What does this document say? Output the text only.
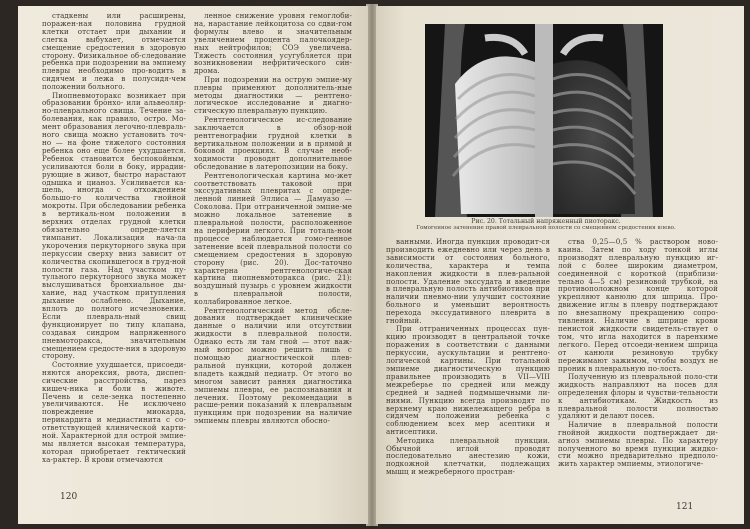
стадкены или расширены, поражен-ная половина грудной клетки отстает при дыхании и слегка выбухает, отмечается смещение средостения в здоровую сторону. Физикальное об-следование ребенка при подозрении на эмпиему плевры необходимо про-водить в сидячем и лежа в полусидя-чем положении больного.

Пиопневмоторакс возникает при образовании бронхо- или альвеоляр-но-плеврального свища. Течение за-болевания, как правило, остро. Мо-мент образования легочно-плевраль-ного свища можно установить точ-но — на фоне тяжелого состояния ребенка оно еще более ухудшается. Ребенок становится беспокойным, усиливаются боли в боку, иррадии-рующие в живот, быстро нарастают одышка и цианоз. Усиливается ка-шель, иногда с отхождением большо-го количества гнойной мокроты. При обследовании ребенка в вертикаль-ном положении в верхних отделах грудной клетки обязательно опреде-ляется тимпанит. Локализация нача-ла укорочения перкуторного звука при перкуссии сверху вниз зависит от количества скопившегося в груд-ной полости газа. Над участком пу-тульного перкуторного звука может выслушиваться бронхиальное ды-хание, над участком притупления дыхание ослаблено. Дыхание, вплоть до полного исчезновения. Если плевраль-ный свищ функционирует по типу клапана, создавая синдром напряженного пневмоторакса, значительным смещением средосте-ния в здоровую сторону.

Состояние ухудшается, присоеди-няются анорексия, рвота, диспеп-сические расстройства, парез кишеч-ника и боли в животе. Печень и селе-зенка постепенно увеличиваются. Не исключено повреждение миокарда, перикардита и медиастинита с со-ответствующей клинической карти-ной. Характерной для острой эмпие-мы является высокая температура, которая приобретает гектический ха-рактер. В крови отмечаются

ленное снижение уровня гемоглоби-на, нарастание лейкоцитоза со сдви-гом формулы влево и значительным увеличением процента палочкоядер-ных нейтрофилов; СОЭ увеличена. Тяжесть состояния усугубляется при возникновении нефритического син-дрома.

При подозрении на острую эмпие-му плевры применяют дополнитель-ные методы диагностики — рентгено-логическое исследование и диагно-стическую плевральную пункцию.

Рентгенологическое ис-следование заключается в обзор-ной рентгенографии грудной клетки в вертикальном положении и в прямой и боковой проекциях. В случае необ-ходимости проводят дополнительное обследование в латеропозиции на боку.

Рентгенологическая картина мо-жет соответствовать таковой при экссудативных плевритах с опреде-ленной линией Эллиса — Дамуазо — Соколова. При отграниченной эмпие-ме можно локальное затенение в плевральной полости, расположенное на периферии легкого. При тоталь-ном процессе наблюдается гомо-генное затенение всей плевральной полости со смещением средостения в здоровую сторону (рис. 20). Дос-таточно характерна рентгенологиче-ская картина пиопневмоторакса (рис. 21): воздушный пузырь с уровнем жидкости в плевральной полости, коллабированное легкое.

Рентгенологический метод обсле-дования подтверждает клинические данные о наличии или отсутствии жидкости в плевральной полости. Однако есть ли там гной — этот важ-ный вопрос можно решить лишь с помощью диагностической плев-ральной пункции, которой должен владеть каждый педиатр. От этого во многом зависит ранняя диагностика эмпиемы плевры, ее распознавания и лечения. Поэтому рекомендации в расше-рении показаний к плевральным пункциям при подозрении на наличие эмпиемы плевры являются обосно-

120
Рис. 20. Тотальный напряженный пиоторакс.
Гомогенное затенение правой плевральной полости со смещением средостения влево.

ванными. Иногда пункция проводит-ся производить ежедневно или через день в зависимости от состояния больного, количества, характера и темпа накопления жидкости в плев-ральной полости. Удаление экссудата и введение в плевральную полость антибиотиков при наличии пневмо-нии улучшит состояние больного и уменьшит вероятность перехода экссудативного плеврита в гнойный.

При отграниченных процессах пун-кцию производят в центральной точке поражения в соответствии с данными перкуссии, аускультации и рентгено-логической картины. При тотальной эмпиеме диагностическую пункцию правильнее производить в VII—VIII межреберье по средней или между средней и задней подмышечными ли-ниями. Пункцию всегда производят по верхнему краю нижележащего ребра в сидячем положении ребенка с соблюдением всех мер асептики и антисептики.

Методика плевральной пункции. Обычной иглой проводят последовательно анестезию кожи, подкожной клетчатки, подлежащих мышц и межреберного простран-

ства 0,25—0,5 % раствором ново-каина. Затем по ходу тонкой иглы производят плевральную пункцию иг-лой с более широким диаметром, соединенной с короткой (приблизи-тельно 4—5 см) резиновой трубкой, на противоположном конце которой укрепляют канюлю для шприца. Про-движение иглы в плевру подтверждают по внезапному прекращению сопро-тивления. Наличие в шприце крови пенистой жидкости свидетель-ствует о том, что игла находится в паренхиме легкого. Перед отсоеди-нением шприца от канюли резиновую трубку пережимают зажимом, чтобы воздух не проник в плевральную по-лость.

Полученную из плевральной поло-сти жидкость направляют на посев для определения флоры и чувстви-тельности к антибиотикам. Жидкость из плевральной полости полностью удаляют и делают посев.

Наличие в плевральной полости гнойной жидкости подтверждает ди-агноз эмпиемы плевры. По характеру полученного во время пункции жидко-сти можно предварительно предполо-жить характер эмпиемы, этиологиче-

121
